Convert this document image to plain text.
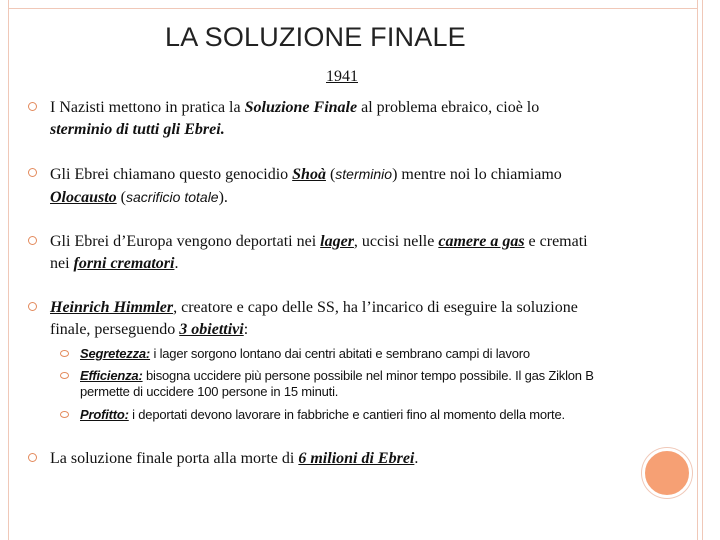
LA SOLUZIONE FINALE
1941
I Nazisti mettono in pratica la Soluzione Finale al problema ebraico, cioè lo
sterminio di tutti gli Ebrei.
Gli Ebrei chiamano questo genocidio Shoà (sterminio) mentre noi lo chiamiamo
Olocausto (sacrificio totale).
Gli Ebrei d’Europa vengono deportati nei lager, uccisi nelle camere a gas e cremati
nei forni crematori.
Heinrich Himmler, creatore e capo delle SS, ha l’incarico di eseguire la soluzione
finale, perseguendo 3 obiettivi:
Segretezza: i lager sorgono lontano dai centri abitati e sembrano campi di lavoro
Efficienza: bisogna uccidere più persone possibile nel minor tempo possibile. Il gas Ziklon B
permette di uccidere 100 persone in 15 minuti.
Profitto: i deportati devono lavorare in fabbriche e cantieri fino al momento della morte.
La soluzione finale porta alla morte di 6 milioni di Ebrei.
